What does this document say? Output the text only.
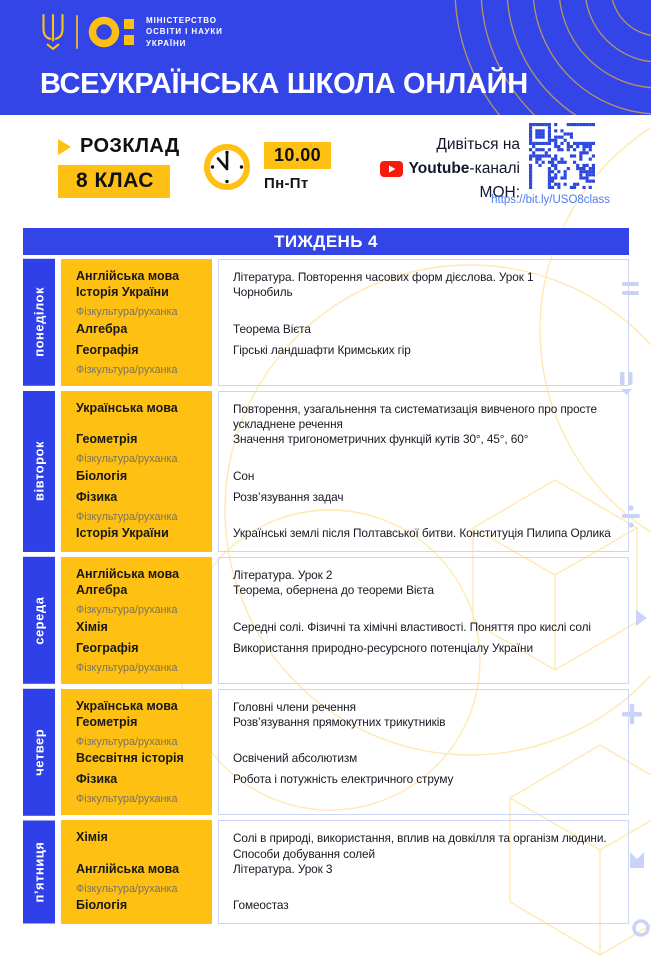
МІНІСТЕРСТВО
ОСВІТИ І НАУКИ
УКРАЇНИ
ВСЕУКРАЇНСЬКА ШКОЛА ОНЛАЙН
РОЗКЛАД
8 КЛАС
10.00
Пн-Пт
Дивіться на
Youtube-каналі
МОН:
https://bit.ly/USO8class
ТИЖДЕНЬ 4
понеділок
Англійська мова	Література. Повторення часових форм дієслова. Урок 1
Історія України	Чорнобиль
Фізкультура/руханка
Алгебра	Теорема Вієта
Географія	Гірські ландшафти Кримських гір
Фізкультура/руханка
вівторок
Українська мова	Повторення, узагальнення та систематизація вивченого про просте ускладнене речення
Геометрія	Значення тригонометричних функцій кутів 30°, 45°, 60°
Фізкультура/руханка
Біологія	Сон
Фізика	Розв’язування задач
Фізкультура/руханка
Історія України	Українські землі після Полтавської битви. Конституція Пилипа Орлика
середа
Англійська мова	Література. Урок 2
Алгебра	Теорема, обернена до теореми Вієта
Фізкультура/руханка
Хімія	Середні солі. Фізичні та хімічні властивості. Поняття про кислі солі
Географія	Використання природно-ресурсного потенціалу України
Фізкультура/руханка
четвер
Українська мова	Головні члени речення
Геометрія	Розв’язування прямокутних трикутників
Фізкультура/руханка
Всесвітня історія	Освічений абсолютизм
Фізика	Робота і потужність електричного струму
Фізкультура/руханка
п’ятниця
Хімія	Солі в природі, використання, вплив на довкілля та організм людини. Способи добування солей
Англійська мова	Література. Урок 3
Фізкультура/руханка
Біологія	Гомеостаз
